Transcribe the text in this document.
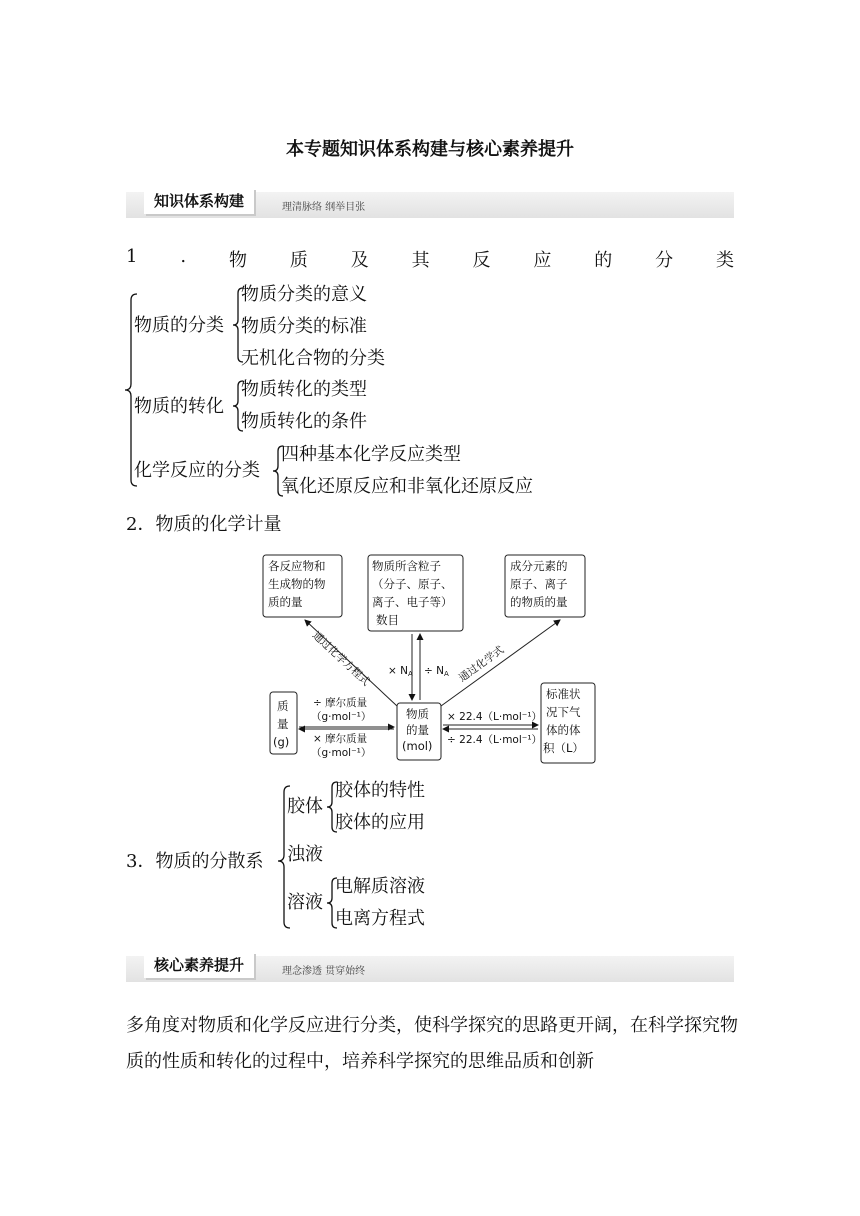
本专题知识体系构建与核心素养提升
知识体系构建	理清脉络 纲举目张
1 . 物 质 及 其 反 应 的 分 类
物质的分类
物质分类的意义
物质分类的标准
无机化合物的分类
物质的转化
物质转化的类型
物质转化的条件
化学反应的分类
四种基本化学反应类型
氧化还原反应和非氧化还原反应
2．物质的化学计量
各反应物和
生成物的物
质的量
物质所含粒子
（分子、原子、
离子、电子等）
数目
成分元素的
原子、离子
的物质的量
质
量
(g)
物质
的量
(mol)
标准状
况下气
体的体
积（L）
通过化学方程式	通过化学式
× NA ÷ NA
÷ 摩尔质量
（g·mol⁻¹）
× 摩尔质量
（g·mol⁻¹）
× 22.4（L·mol⁻¹）
÷ 22.4（L·mol⁻¹）
3．物质的分散系
胶体
胶体的特性
胶体的应用
浊液
溶液
电解质溶液
电离方程式
核心素养提升	理念渗透 贯穿始终
多角度对物质和化学反应进行分类，使科学探究的思路更开阔，在科学探究物质的性质和转化的过程中，培养科学探究的思维品质和创新
